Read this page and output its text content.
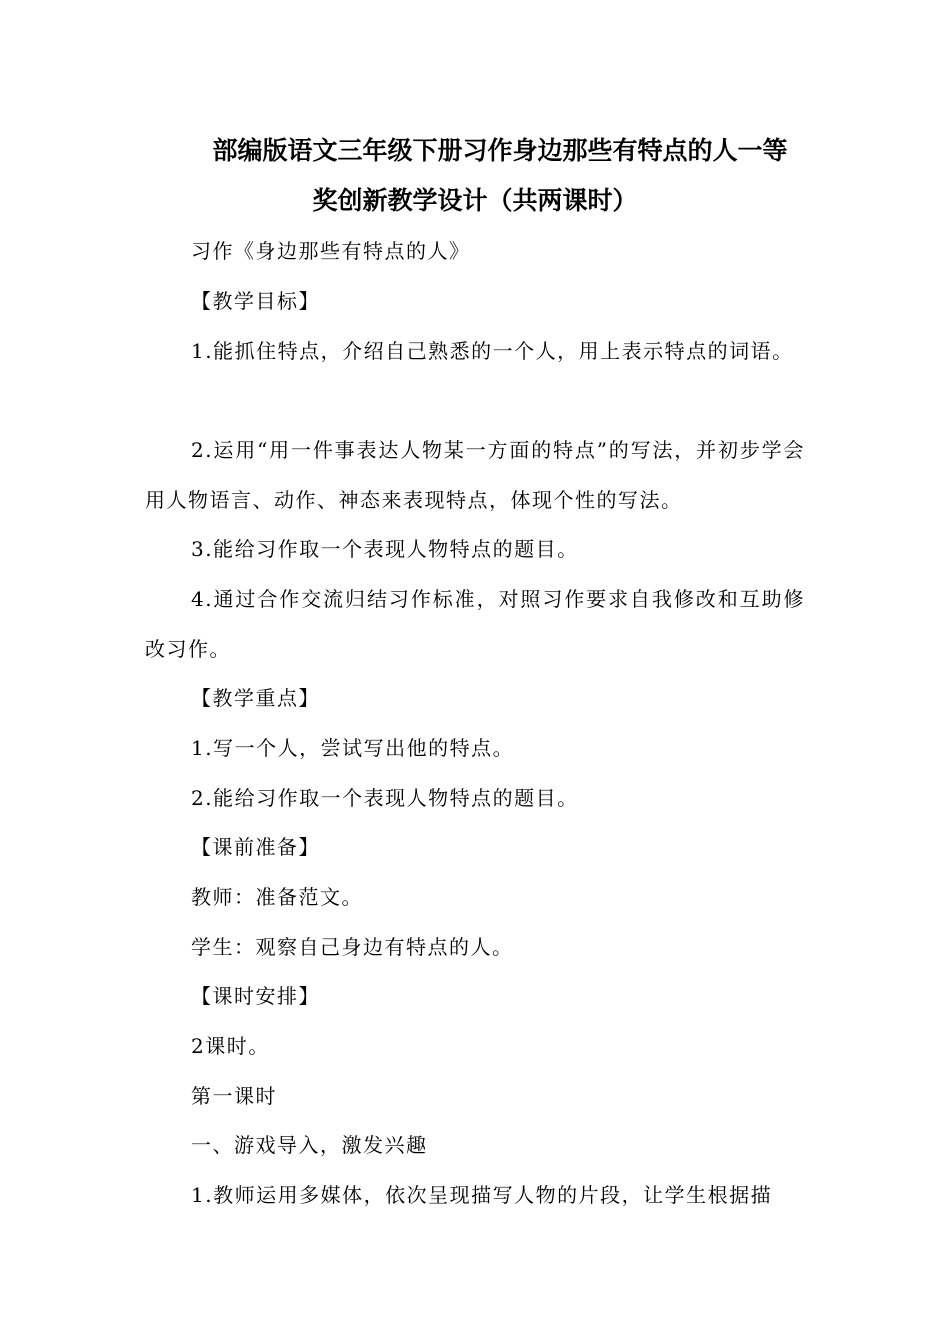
部编版语文三年级下册习作身边那些有特点的人一等
奖创新教学设计（共两课时）

习作《身边那些有特点的人》

【教学目标】

1.能抓住特点，介绍自己熟悉的一个人，用上表示特点的词语。

2.运用“用一件事表达人物某一方面的特点”的写法，并初步学会用人物语言、动作、神态来表现特点，体现个性的写法。

3.能给习作取一个表现人物特点的题目。

4.通过合作交流归结习作标准，对照习作要求自我修改和互助修改习作。

【教学重点】

1.写一个人，尝试写出他的特点。

2.能给习作取一个表现人物特点的题目。

【课前准备】

教师：准备范文。

学生：观察自己身边有特点的人。

【课时安排】

2课时。

第一课时

一、游戏导入，激发兴趣

1.教师运用多媒体，依次呈现描写人物的片段，让学生根据描
